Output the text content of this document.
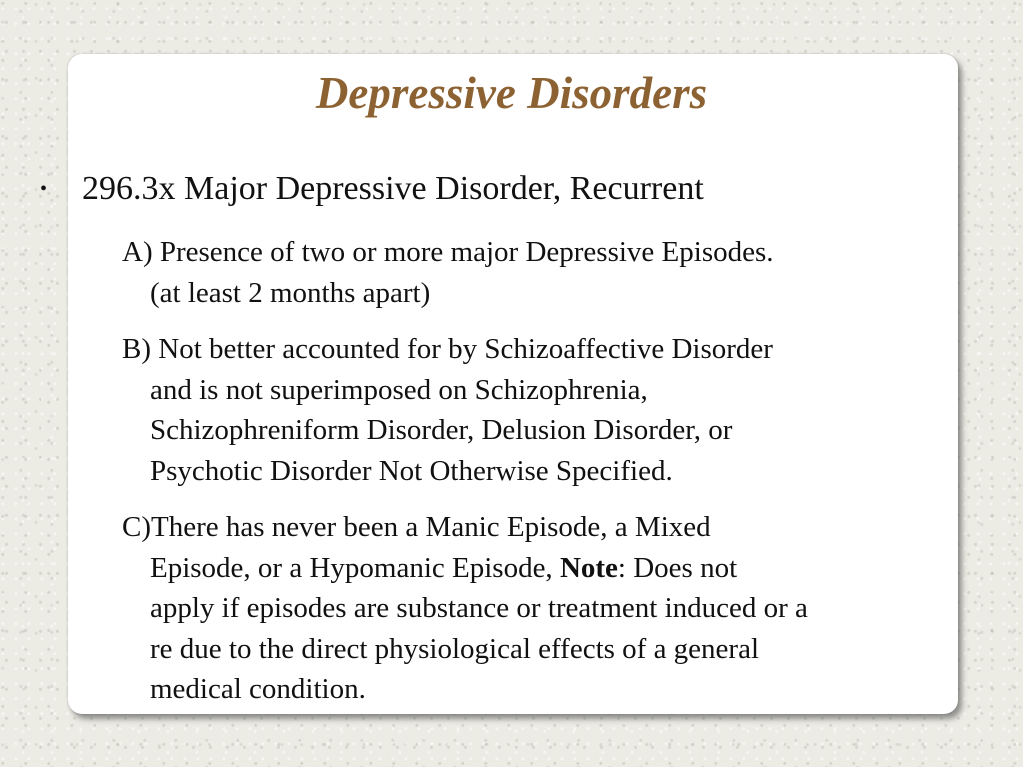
Depressive Disorders
• 296.3x Major Depressive Disorder, Recurrent
A) Presence of two or more major Depressive Episodes.
(at least 2 months apart)
B) Not better accounted for by Schizoaffective Disorder
and is not superimposed on Schizophrenia,
Schizophreniform Disorder, Delusion Disorder, or
Psychotic Disorder Not Otherwise Specified.
C)There has never been a Manic Episode, a Mixed
Episode, or a Hypomanic Episode, Note: Does not
apply if episodes are substance or treatment induced or a
re due to the direct physiological effects of a general
medical condition.
